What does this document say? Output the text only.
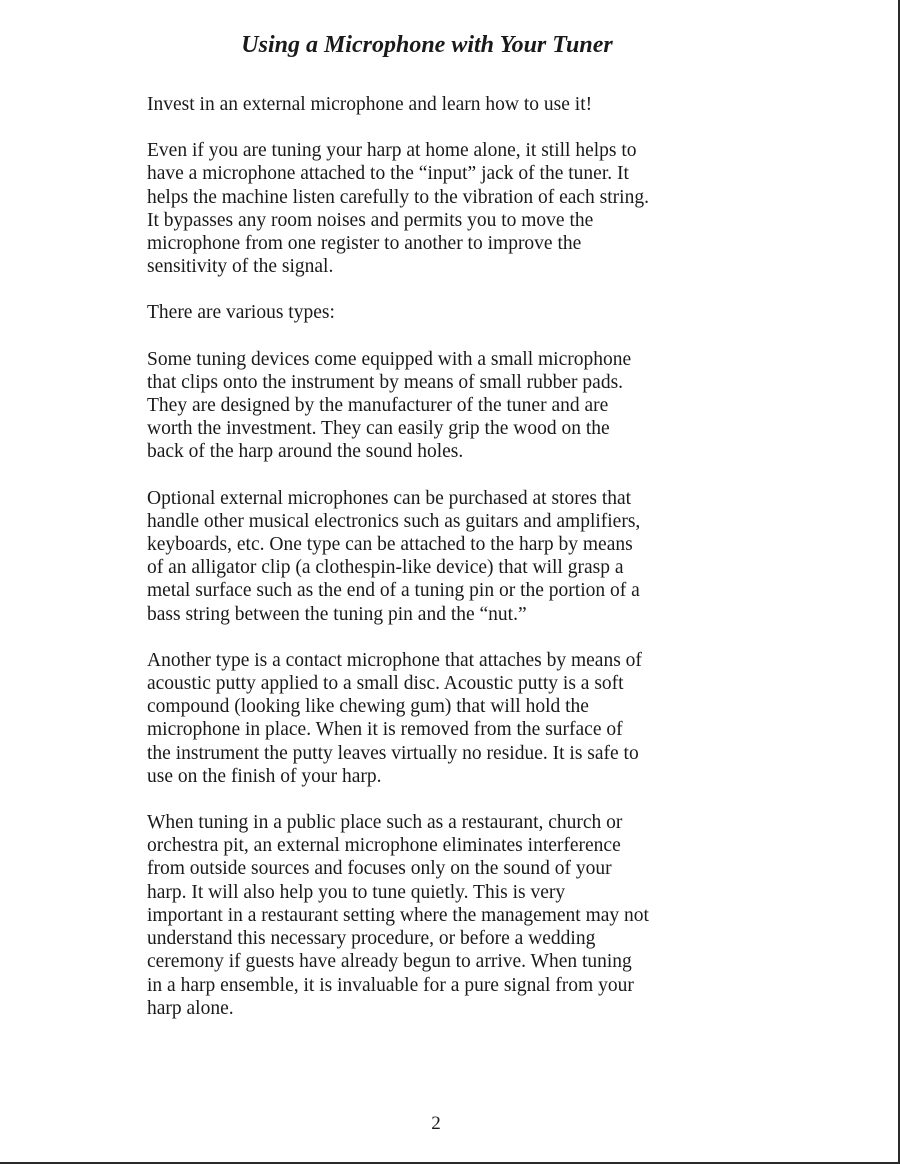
Using a Microphone with Your Tuner

Invest in an external microphone and learn how to use it!

Even if you are tuning your harp at home alone, it still helps to
have a microphone attached to the “input” jack of the tuner. It
helps the machine listen carefully to the vibration of each string.
It bypasses any room noises and permits you to move the
microphone from one register to another to improve the
sensitivity of the signal.

There are various types:

Some tuning devices come equipped with a small microphone
that clips onto the instrument by means of small rubber pads.
They are designed by the manufacturer of the tuner and are
worth the investment. They can easily grip the wood on the
back of the harp around the sound holes.

Optional external microphones can be purchased at stores that
handle other musical electronics such as guitars and amplifiers,
keyboards, etc. One type can be attached to the harp by means
of an alligator clip (a clothespin-like device) that will grasp a
metal surface such as the end of a tuning pin or the portion of a
bass string between the tuning pin and the “nut.”

Another type is a contact microphone that attaches by means of
acoustic putty applied to a small disc. Acoustic putty is a soft
compound (looking like chewing gum) that will hold the
microphone in place. When it is removed from the surface of
the instrument the putty leaves virtually no residue. It is safe to
use on the finish of your harp.

When tuning in a public place such as a restaurant, church or
orchestra pit, an external microphone eliminates interference
from outside sources and focuses only on the sound of your
harp. It will also help you to tune quietly. This is very
important in a restaurant setting where the management may not
understand this necessary procedure, or before a wedding
ceremony if guests have already begun to arrive. When tuning
in a harp ensemble, it is invaluable for a pure signal from your
harp alone.

2
